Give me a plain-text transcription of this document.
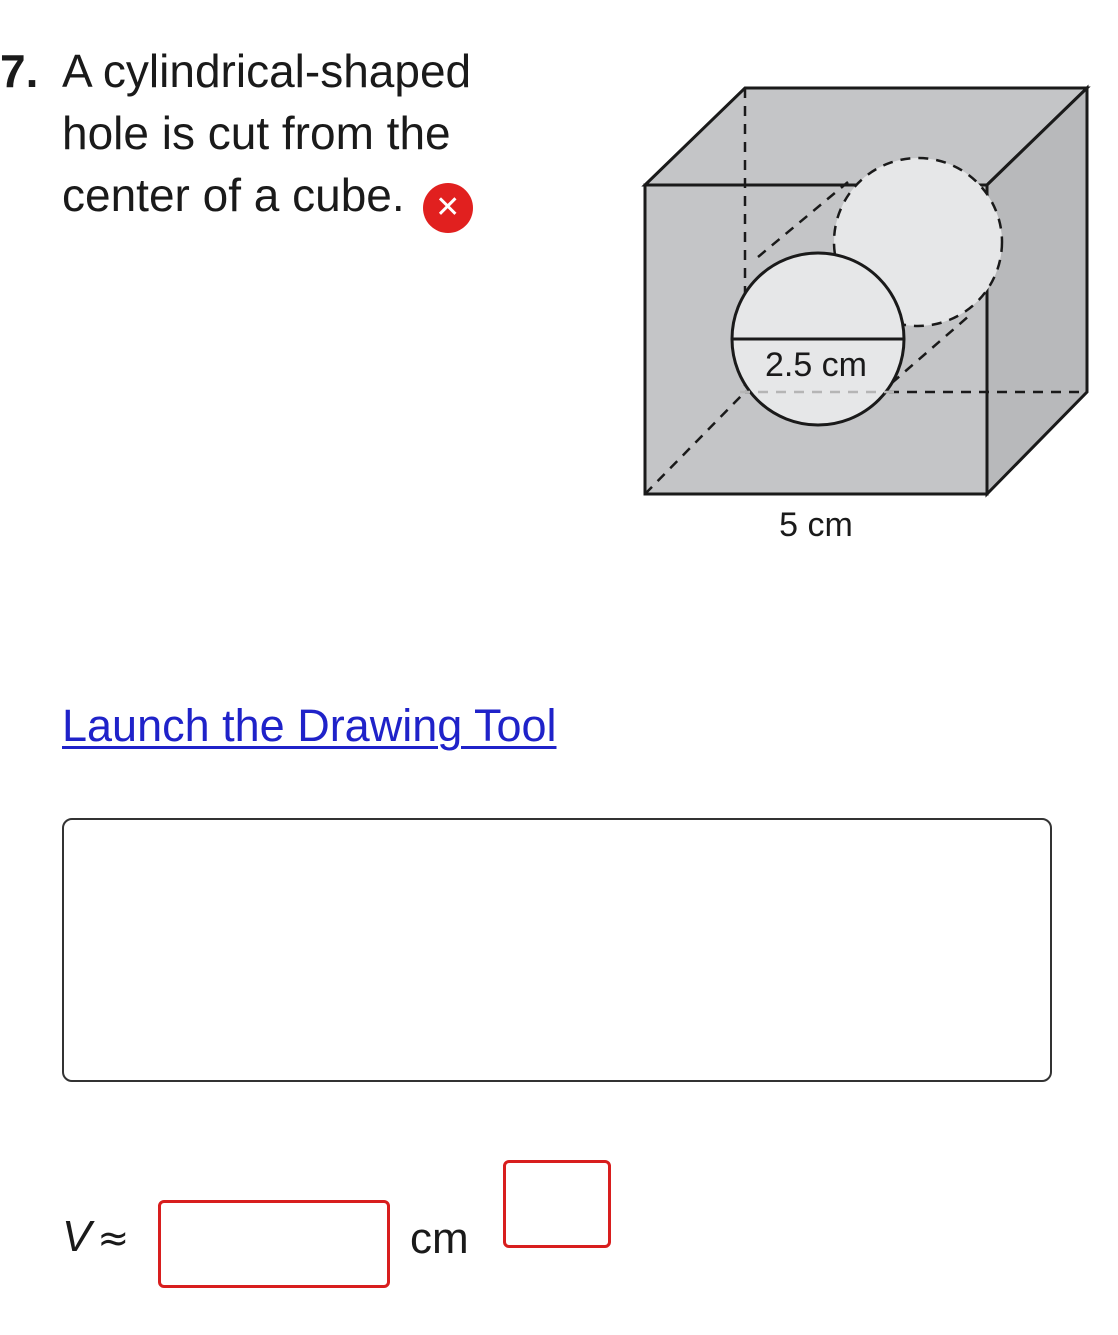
7. A cylindrical-shaped
hole is cut from the
center of a cube. ✕
2.5 cm
5 cm
Launch the Drawing Tool
V ≈	cm
